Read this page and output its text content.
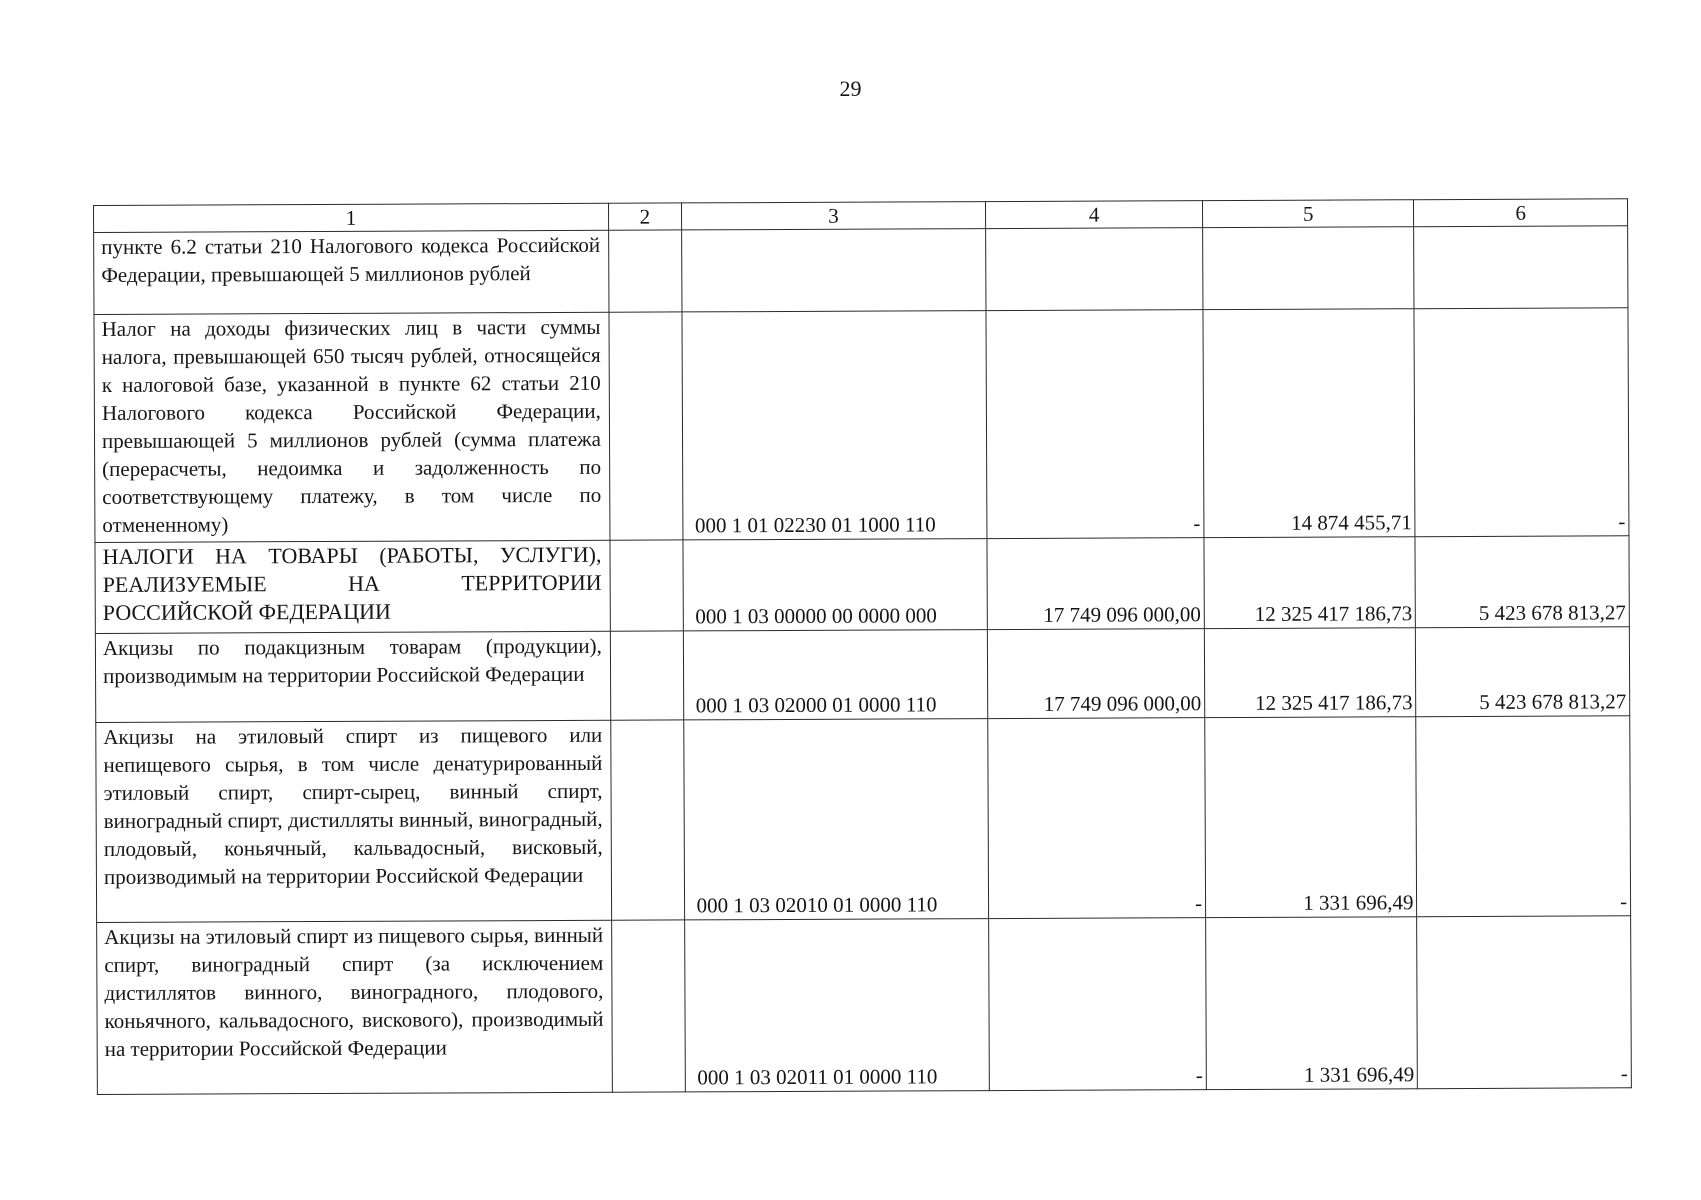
29
1	2	3	4	5	6
пункте 6.2 статьи 210 Налогового кодекса Российской Федерации, превышающей 5 миллионов рублей					
Налог на доходы физических лиц в части суммы налога, превышающей 650 тысяч рублей, относящейся к налоговой базе, указанной в пункте 62 статьи 210 Налогового кодекса Российской Федерации, превышающей 5 миллионов рублей (сумма платежа (перерасчеты, недоимка и задолженность по соответствующему платежу, в том числе по отмененному)		000 1 01 02230 01 1000 110	-	14 874 455,71	-
НАЛОГИ НА ТОВАРЫ (РАБОТЫ, УСЛУГИ), РЕАЛИЗУЕМЫЕ НА ТЕРРИТОРИИ РОССИЙСКОЙ ФЕДЕРАЦИИ		000 1 03 00000 00 0000 000	17 749 096 000,00	12 325 417 186,73	5 423 678 813,27
Акцизы по подакцизным товарам (продукции), производимым на территории Российской Федерации		000 1 03 02000 01 0000 110	17 749 096 000,00	12 325 417 186,73	5 423 678 813,27
Акцизы на этиловый спирт из пищевого или непищевого сырья, в том числе денатурированный этиловый спирт, спирт-сырец, винный спирт, виноградный спирт, дистилляты винный, виноградный, плодовый, коньячный, кальвадосный, висковый, производимый на территории Российской Федерации		000 1 03 02010 01 0000 110	-	1 331 696,49	-
Акцизы на этиловый спирт из пищевого сырья, винный спирт, виноградный спирт (за исключением дистиллятов винного, виноградного, плодового, коньячного, кальвадосного, вискового), производимый на территории Российской Федерации		000 1 03 02011 01 0000 110	-	1 331 696,49	-
